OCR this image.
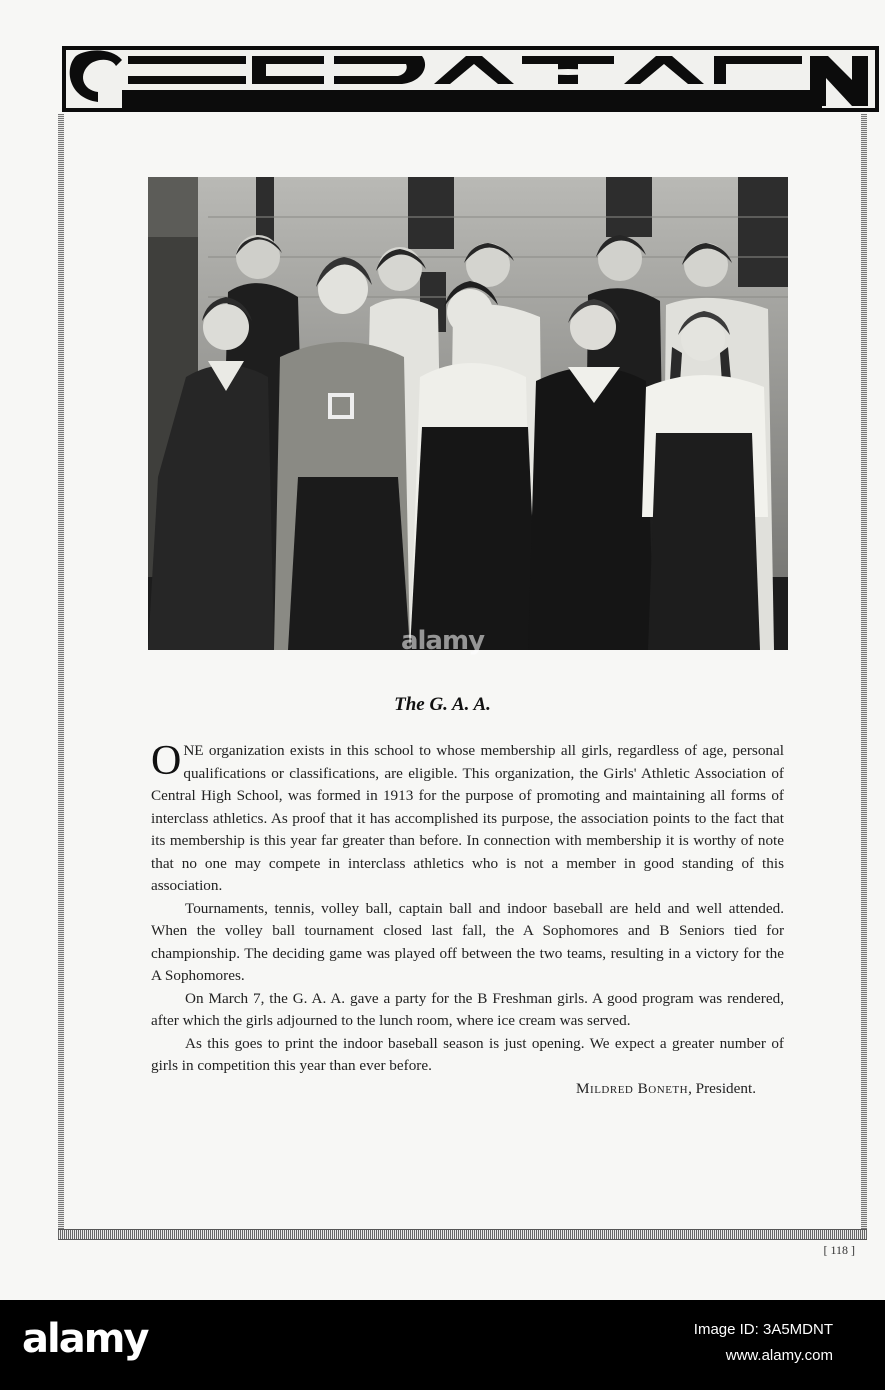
alamy
The G. A. A.

ONE organization exists in this school to whose membership all girls, regardless of age, personal qualifications or classifications, are eligible. This organization, the Girls' Athletic Association of Central High School, was formed in 1913 for the purpose of promoting and maintaining all forms of interclass athletics. As proof that it has accomplished its purpose, the association points to the fact that its membership is this year far greater than before. In connection with membership it is worthy of note that no one may compete in interclass athletics who is not a member in good standing of this association.

Tournaments, tennis, volley ball, captain ball and indoor baseball are held and well attended. When the volley ball tournament closed last fall, the A Sophomores and B Seniors tied for championship. The deciding game was played off between the two teams, resulting in a victory for the A Sophomores.

On March 7, the G. A. A. gave a party for the B Freshman girls. A good program was rendered, after which the girls adjourned to the lunch room, where ice cream was served.

As this goes to print the indoor baseball season is just opening. We expect a greater number of girls in competition this year than ever before.

Mildred Boneth, President.

[ 118 ]
alamy	Image ID: 3A5MDNT
www.alamy.com
